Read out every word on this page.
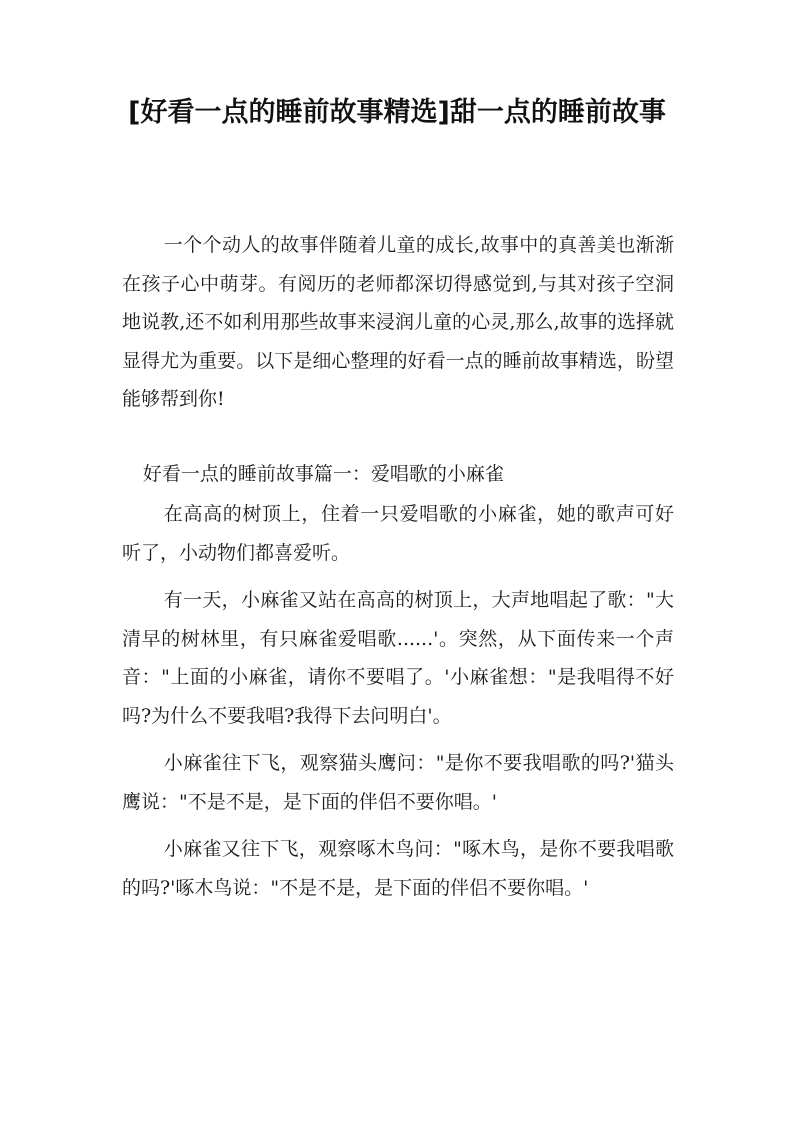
[好看一点的睡前故事精选]甜一点的睡前故事

一个个动人的故事伴随着儿童的成长,故事中的真善美也渐渐在孩子心中萌芽。有阅历的老师都深切得感觉到,与其对孩子空洞地说教,还不如利用那些故事来浸润儿童的心灵,那么,故事的选择就显得尤为重要。以下是细心整理的好看一点的睡前故事精选，盼望能够帮到你!

好看一点的睡前故事篇一：爱唱歌的小麻雀

在高高的树顶上，住着一只爱唱歌的小麻雀，她的歌声可好听了，小动物们都喜爱听。

有一天，小麻雀又站在高高的树顶上，大声地唱起了歌："大清早的树林里，有只麻雀爱唱歌......'。突然，从下面传来一个声音："上面的小麻雀，请你不要唱了。'小麻雀想："是我唱得不好吗?为什么不要我唱?我得下去问明白'。

小麻雀往下飞，观察猫头鹰问："是你不要我唱歌的吗?'猫头鹰说："不是不是，是下面的伴侣不要你唱。'

小麻雀又往下飞，观察啄木鸟问："啄木鸟，是你不要我唱歌的吗?'啄木鸟说："不是不是，是下面的伴侣不要你唱。'
